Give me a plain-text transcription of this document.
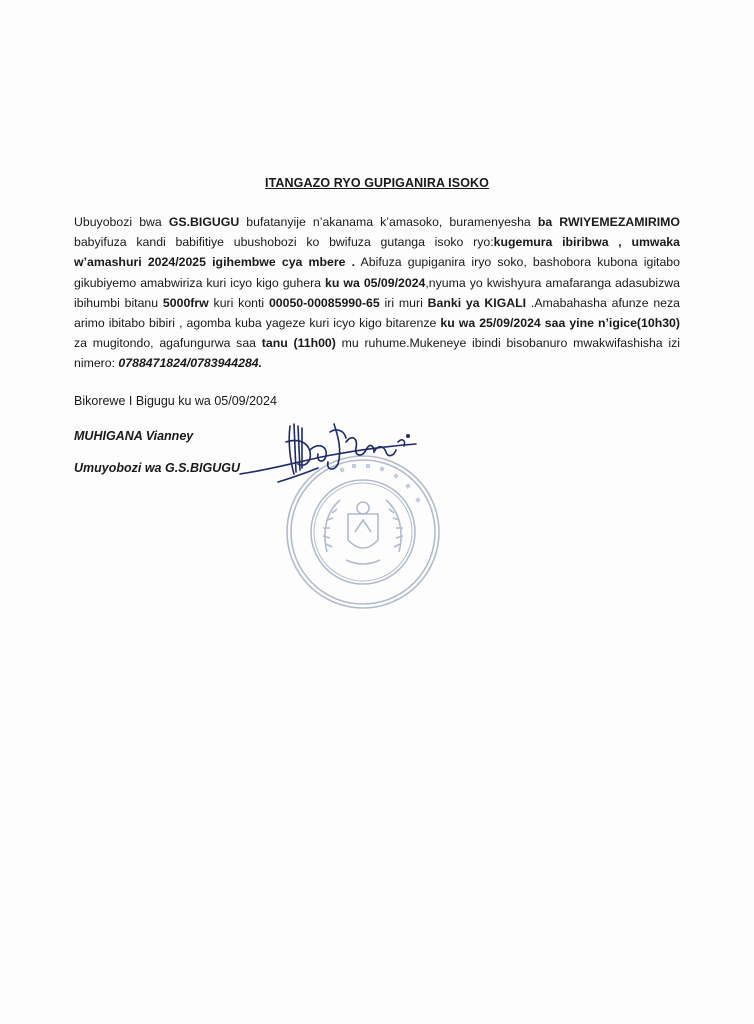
ITANGAZO RYO GUPIGANIRA ISOKO
Ubuyobozi bwa GS.BIGUGU bufatanyije n’akanama k’amasoko, buramenyesha ba RWIYEMEZAMIRIMO babyifuza kandi babifitiye ubushobozi ko bwifuza gutanga isoko ryo:kugemura ibiribwa , umwaka w’amashuri 2024/2025 igihembwe cya mbere . Abifuza gupiganira iryo soko, bashobora kubona igitabo gikubiyemo amabwiriza kuri icyo kigo guhera ku wa 05/09/2024,nyuma yo kwishyura amafaranga adasubizwa ibihumbi bitanu 5000frw kuri konti 00050-00085990-65 iri muri Banki ya KIGALI .Amabahasha afunze neza arimo ibitabo bibiri , agomba kuba yageze kuri icyo kigo bitarenze ku wa 25/09/2024 saa yine n’igice(10h30) za mugitondo, agafungurwa saa tanu (11h00) mu ruhume.Mukeneye ibindi bisobanuro mwakwifashisha izi nimero: 0788471824/0783944284.
Bikorewe I Bigugu ku wa 05/09/2024
MUHIGANA Vianney
Umuyobozi wa G.S.BIGUGU
